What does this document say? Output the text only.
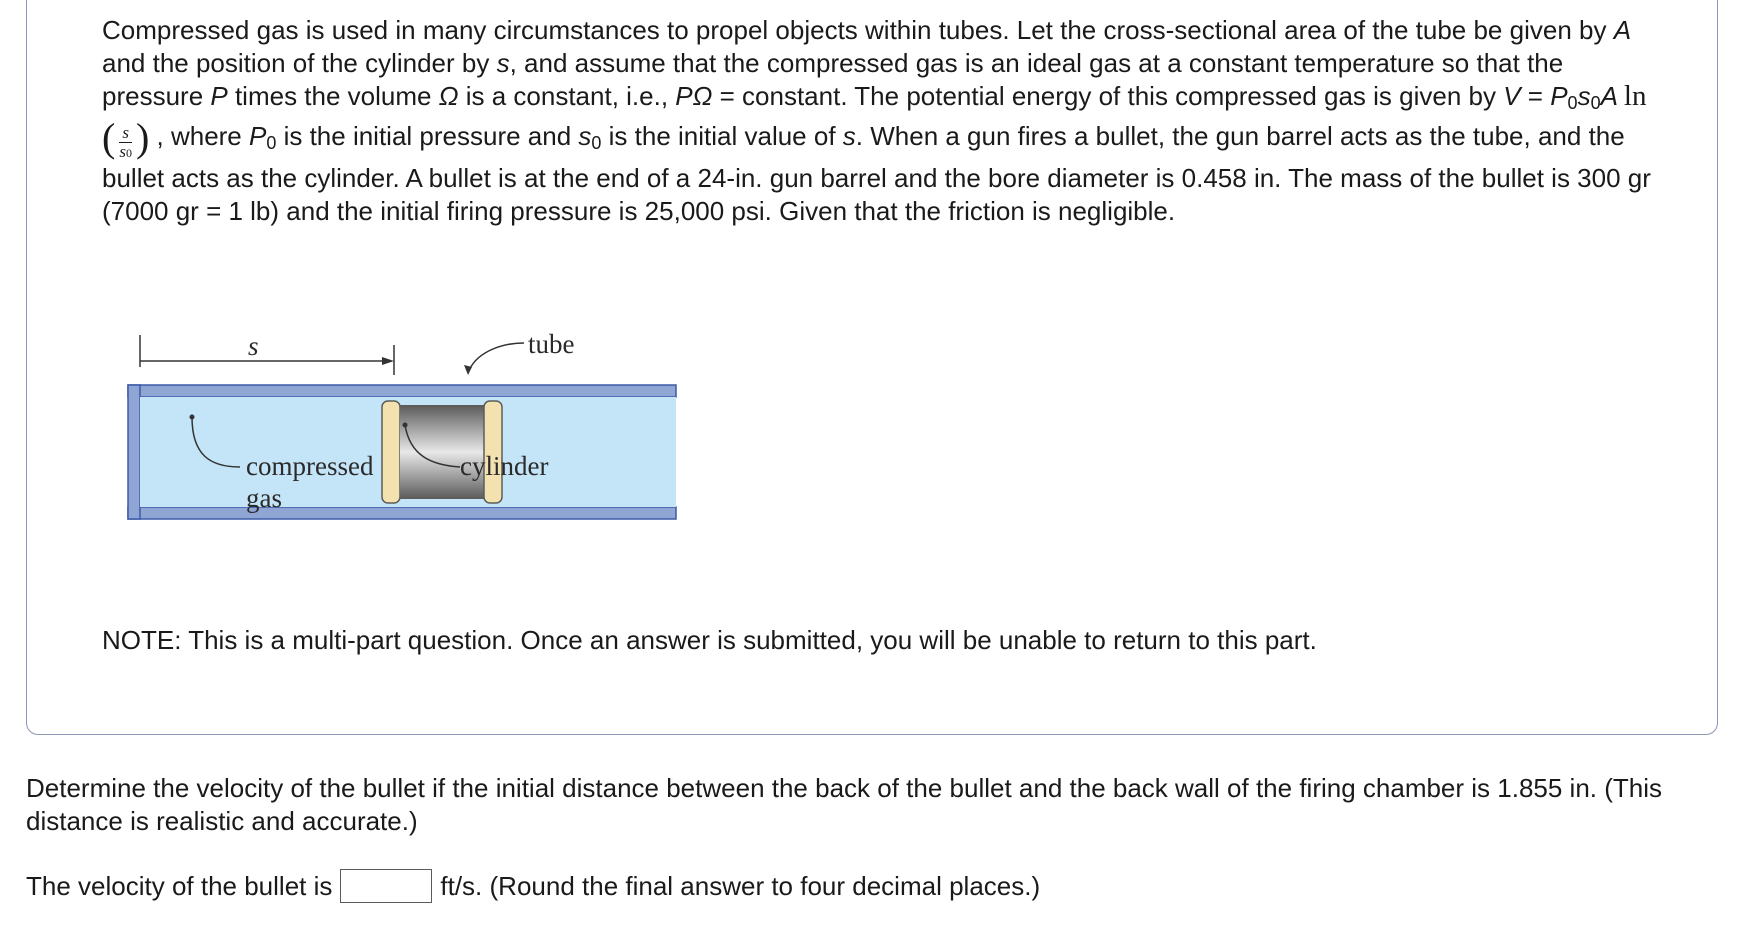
Compressed gas is used in many circumstances to propel objects within tubes. Let the cross-sectional area of the tube be given by A and the position of the cylinder by s, and assume that the compressed gas is an ideal gas at a constant temperature so that the pressure P times the volume Ω is a constant, i.e., PΩ = constant. The potential energy of this compressed gas is given by $V = P_0s_0A$ ln ( $\frac{s}{s0}$ ) , where $P_0$ is the initial pressure and $s_0$ is the initial value of s. When a gun fires a bullet, the gun barrel acts as the tube, and the bullet acts as the cylinder. A bullet is at the end of a 24-in. gun barrel and the bore diameter is 0.458 in. The mass of the bullet is 300 gr (7000 gr = 1 lb) and the initial firing pressure is 25,000 psi. Given that the friction is negligible.

s	tube
compressed
gas
cylinder

NOTE: This is a multi-part question. Once an answer is submitted, you will be unable to return to this part.

Determine the velocity of the bullet if the initial distance between the back of the bullet and the back wall of the firing chamber is 1.855 in. (This distance is realistic and accurate.)

The velocity of the bullet is	ft/s. (Round the final answer to four decimal places.)
